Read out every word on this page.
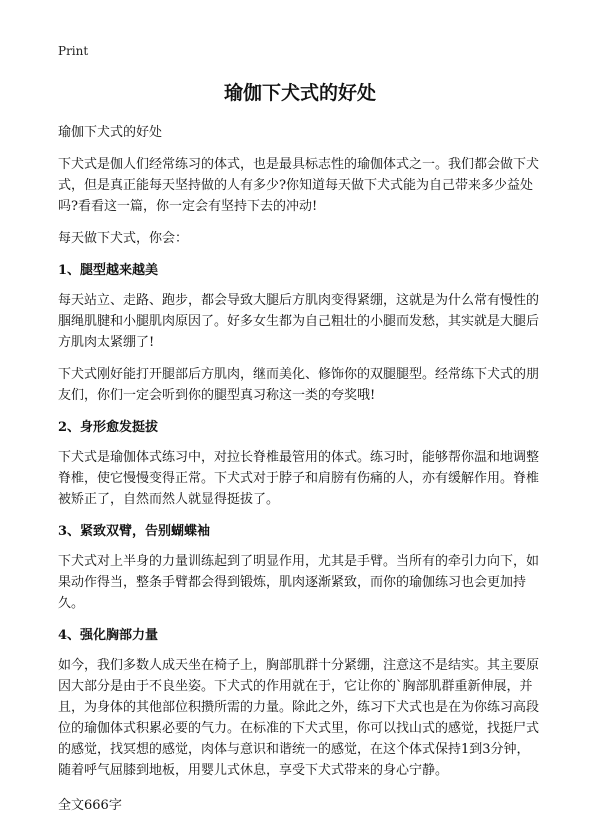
Print
瑜伽下犬式的好处

瑜伽下犬式的好处

下犬式是伽人们经常练习的体式，也是最具标志性的瑜伽体式之一。我们都会做下犬式，但是真正能每天坚持做的人有多少?你知道每天做下犬式能为自己带来多少益处吗?看看这一篇，你一定会有坚持下去的冲动!

每天做下犬式，你会：

1、腿型越来越美

每天站立、走路、跑步，都会导致大腿后方肌肉变得紧绷，这就是为什么常有慢性的腘绳肌腱和小腿肌肉原因了。好多女生都为自己粗壮的小腿而发愁，其实就是大腿后方肌肉太紧绷了!

下犬式刚好能打开腿部后方肌肉，继而美化、修饰你的双腿腿型。经常练下犬式的朋友们，你们一定会听到你的腿型真习称这一类的夸奖哦!

2、身形愈发挺拔

下犬式是瑜伽体式练习中，对拉长脊椎最管用的体式。练习时，能够帮你温和地调整脊椎，使它慢慢变得正常。下犬式对于脖子和肩膀有伤痛的人，亦有缓解作用。脊椎被矫正了，自然而然人就显得挺拔了。

3、紧致双臂，告别蝴蝶袖

下犬式对上半身的力量训练起到了明显作用，尤其是手臂。当所有的牵引力向下，如果动作得当，整条手臂都会得到锻炼，肌肉逐渐紧致，而你的瑜伽练习也会更加持久。

4、强化胸部力量

如今，我们多数人成天坐在椅子上，胸部肌群十分紧绷，注意这不是结实。其主要原因大部分是由于不良坐姿。下犬式的作用就在于，它让你的`胸部肌群重新伸展，并且，为身体的其他部位积攒所需的力量。除此之外，练习下犬式也是在为你练习高段位的瑜伽体式积累必要的气力。在标准的下犬式里，你可以找山式的感觉，找挺尸式的感觉，找冥想的感觉，肉体与意识和谐统一的感觉，在这个体式保持1到3分钟，随着呼气屈膝到地板，用婴儿式休息，享受下犬式带来的身心宁静。

全文666字
